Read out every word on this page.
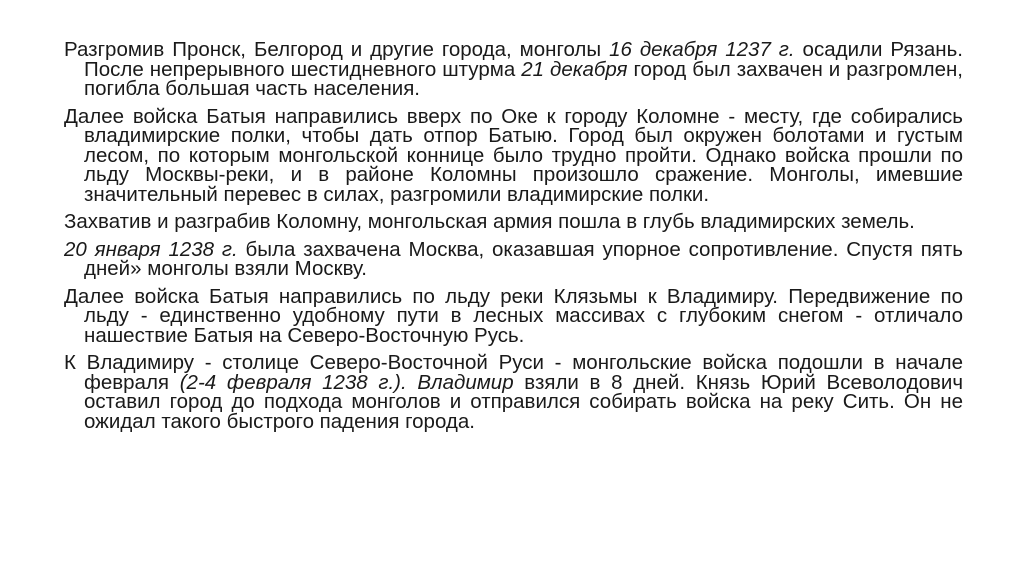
Разгромив Пронск, Белгород и другие города, монголы 16 декабря 1237 г. осадили Рязань. После непрерывного шестидневного штурма 21 декабря город был захвачен и разгромлен, погибла большая часть населения.

Далее войска Батыя направились вверх по Оке к городу Коломне - месту, где собирались владимирские полки, чтобы дать отпор Батыю. Город был окружен болотами и густым лесом, по которым монгольской коннице было трудно пройти. Однако войска прошли по льду Москвы-реки, и в районе Коломны произошло сражение. Монголы, имевшие значительный перевес в силах, разгромили владимирские полки.

Захватив и разграбив Коломну, монгольская армия пошла в глубь владимирских земель.

20 января 1238 г. была захвачена Москва, оказавшая упорное сопротивление. Спустя пять дней» монголы взяли Москву.

Далее войска Батыя направились по льду реки Клязьмы к Владимиру. Передвижение по льду - единственно удобному пути в лесных массивах с глубоким снегом - отличало нашествие Батыя на Северо-Восточную Русь.

К Владимиру - столице Северо-Восточной Руси - монгольские войска подошли в начале февраля (2-4 февраля 1238 г.). Владимир взяли в 8 дней. Князь Юрий Всеволодович оставил город до подхода монголов и отправился собирать войска на реку Сить. Он не ожидал такого быстрого падения города.
